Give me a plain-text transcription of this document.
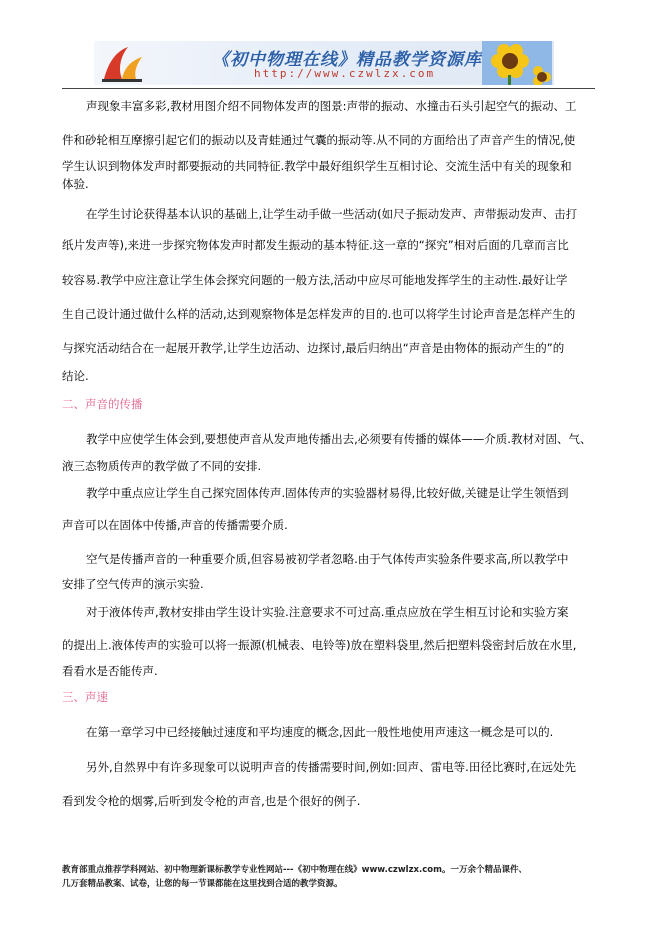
《初中物理在线》精品教学资源库
http://www.czwlzx.com
声现象丰富多彩,教材用图介绍不同物体发声的图景:声带的振动、水撞击石头引起空气的振动、工
件和砂轮相互摩擦引起它们的振动以及青蛙通过气囊的振动等.从不同的方面给出了声音产生的情况,使
学生认识到物体发声时都要振动的共同特征.教学中最好组织学生互相讨论、交流生活中有关的现象和
体验.
在学生讨论获得基本认识的基础上,让学生动手做一些活动(如尺子振动发声、声带振动发声、击打
纸片发声等),来进一步探究物体发声时都发生振动的基本特征.这一章的“探究”相对后面的几章而言比
较容易.教学中应注意让学生体会探究问题的一般方法,活动中应尽可能地发挥学生的主动性.最好让学
生自己设计通过做什么样的活动,达到观察物体是怎样发声的目的.也可以将学生讨论声音是怎样产生的
与探究活动结合在一起展开教学,让学生边活动、边探讨,最后归纳出“声音是由物体的振动产生的”的
结论.
二、声音的传播
教学中应使学生体会到,要想使声音从发声地传播出去,必须要有传播的媒体——介质.教材对固、气、
液三态物质传声的教学做了不同的安排.
教学中重点应让学生自己探究固体传声.固体传声的实验器材易得,比较好做,关键是让学生领悟到
声音可以在固体中传播,声音的传播需要介质.
空气是传播声音的一种重要介质,但容易被初学者忽略.由于气体传声实验条件要求高,所以教学中
安排了空气传声的演示实验.
对于液体传声,教材安排由学生设计实验.注意要求不可过高.重点应放在学生相互讨论和实验方案
的提出上.液体传声的实验可以将一振源(机械表、电铃等)放在塑料袋里,然后把塑料袋密封后放在水里,
看看水是否能传声.
三、声速
在第一章学习中已经接触过速度和平均速度的概念,因此一般性地使用声速这一概念是可以的.
另外,自然界中有许多现象可以说明声音的传播需要时间,例如:回声、雷电等.田径比赛时,在远处先
看到发令枪的烟雾,后听到发令枪的声音,也是个很好的例子.
教育部重点推荐学科网站、初中物理新课标教学专业性网站---《初中物理在线》www.czwlzx.com。一万余个精品课件、
几万套精品教案、试卷，让您的每一节课都能在这里找到合适的教学资源。
